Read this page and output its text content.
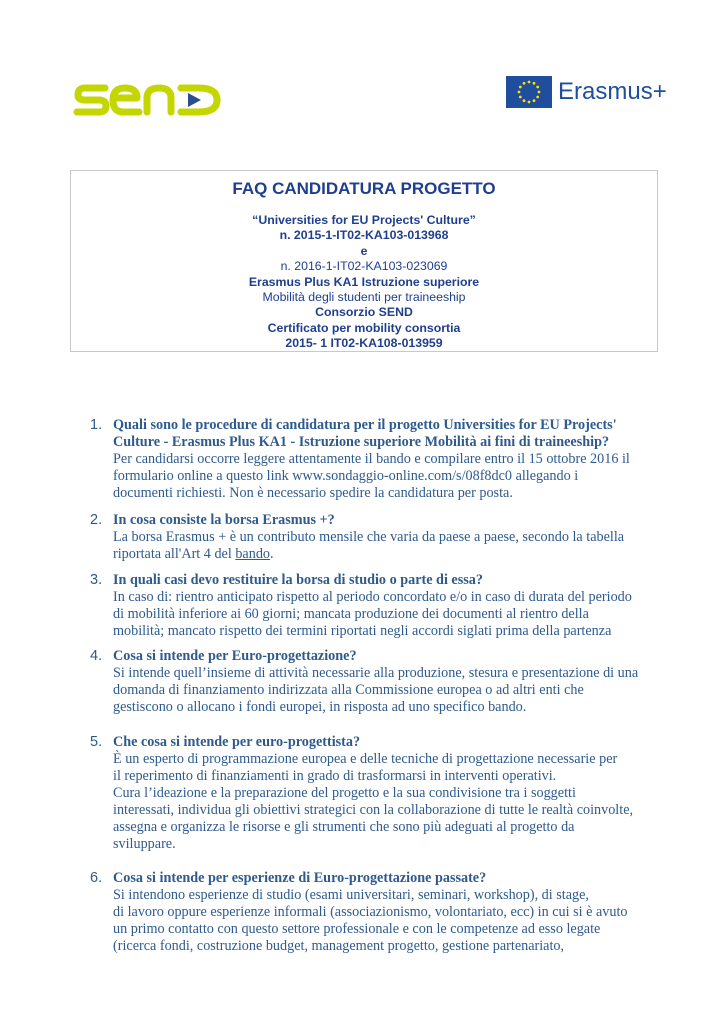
Erasmus+
FAQ CANDIDATURA PROGETTO
“Universities for EU Projects' Culture”
n. 2015-1-IT02-KA103-013968
e
n. 2016-1-IT02-KA103-023069
Erasmus Plus KA1 Istruzione superiore
Mobilità degli studenti per traineeship
Consorzio SEND
Certificato per mobility consortia
2015- 1 IT02-KA108-013959
1. Quali sono le procedure di candidatura per il progetto Universities for EU Projects'
Culture - Erasmus Plus KA1 - Istruzione superiore Mobilità ai fini di traineeship?
Per candidarsi occorre leggere attentamente il bando e compilare entro il 15 ottobre 2016 il
formulario online a questo link www.sondaggio-online.com/s/08f8dc0 allegando i
documenti richiesti. Non è necessario spedire la candidatura per posta.
2. In cosa consiste la borsa Erasmus +?
La borsa Erasmus + è un contributo mensile che varia da paese a paese, secondo la tabella
riportata all'Art 4 del bando.
3. In quali casi devo restituire la borsa di studio o parte di essa?
In caso di: rientro anticipato rispetto al periodo concordato e/o in caso di durata del periodo
di mobilità inferiore ai 60 giorni; mancata produzione dei documenti al rientro della
mobilità; mancato rispetto dei termini riportati negli accordi siglati prima della partenza
4. Cosa si intende per Euro-progettazione?
Si intende quell’insieme di attività necessarie alla produzione, stesura e presentazione di una
domanda di finanziamento indirizzata alla Commissione europea o ad altri enti che
gestiscono o allocano i fondi europei, in risposta ad uno specifico bando.
5. Che cosa si intende per euro-progettista?
È un esperto di programmazione europea e delle tecniche di progettazione necessarie per
il reperimento di finanziamenti in grado di trasformarsi in interventi operativi.
Cura l’ideazione e la preparazione del progetto e la sua condivisione tra i soggetti
interessati, individua gli obiettivi strategici con la collaborazione di tutte le realtà coinvolte,
assegna e organizza le risorse e gli strumenti che sono più adeguati al progetto da
sviluppare.
6. Cosa si intende per esperienze di Euro-progettazione passate?
Si intendono esperienze di studio (esami universitari, seminari, workshop), di stage,
di lavoro oppure esperienze informali (associazionismo, volontariato, ecc) in cui si è avuto
un primo contatto con questo settore professionale e con le competenze ad esso legate
(ricerca fondi, costruzione budget, management progetto, gestione partenariato,
